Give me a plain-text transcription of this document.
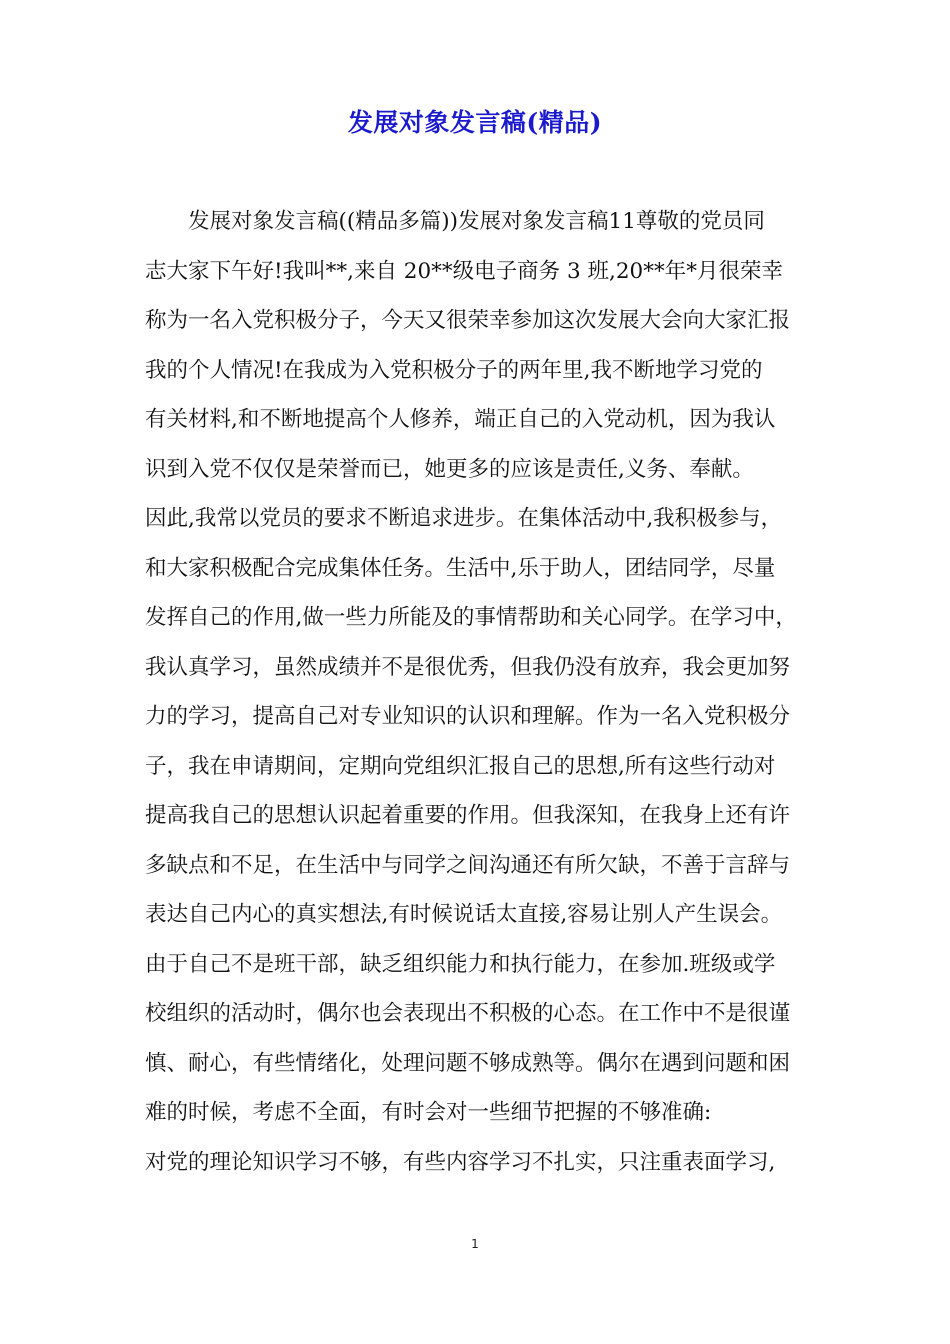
发展对象发言稿(精品)
发展对象发言稿((精品多篇))发展对象发言稿11尊敬的党员同
志大家下午好!我叫**,来自 20**级电子商务 3 班,20**年*月很荣幸
称为一名入党积极分子，今天又很荣幸参加这次发展大会向大家汇报
我的个人情况!在我成为入党积极分子的两年里,我不断地学习党的
有关材料,和不断地提高个人修养，端正自己的入党动机，因为我认
识到入党不仅仅是荣誉而已，她更多的应该是责任,义务、奉献。
因此,我常以党员的要求不断追求进步。在集体活动中,我积极参与，
和大家积极配合完成集体任务。生活中,乐于助人，团结同学，尽量
发挥自己的作用,做一些力所能及的事情帮助和关心同学。在学习中，
我认真学习，虽然成绩并不是很优秀，但我仍没有放弃，我会更加努
力的学习，提高自己对专业知识的认识和理解。作为一名入党积极分
子，我在申请期间，定期向党组织汇报自己的思想,所有这些行动对
提高我自己的思想认识起着重要的作用。但我深知，在我身上还有许
多缺点和不足，在生活中与同学之间沟通还有所欠缺，不善于言辞与
表达自己内心的真实想法,有时候说话太直接,容易让别人产生误会。
由于自己不是班干部，缺乏组织能力和执行能力，在参加.班级或学
校组织的活动时，偶尔也会表现出不积极的心态。在工作中不是很谨
慎、耐心，有些情绪化，处理问题不够成熟等。偶尔在遇到问题和困
难的时候，考虑不全面，有时会对一些细节把握的不够准确:
对党的理论知识学习不够，有些内容学习不扎实，只注重表面学习,
1
